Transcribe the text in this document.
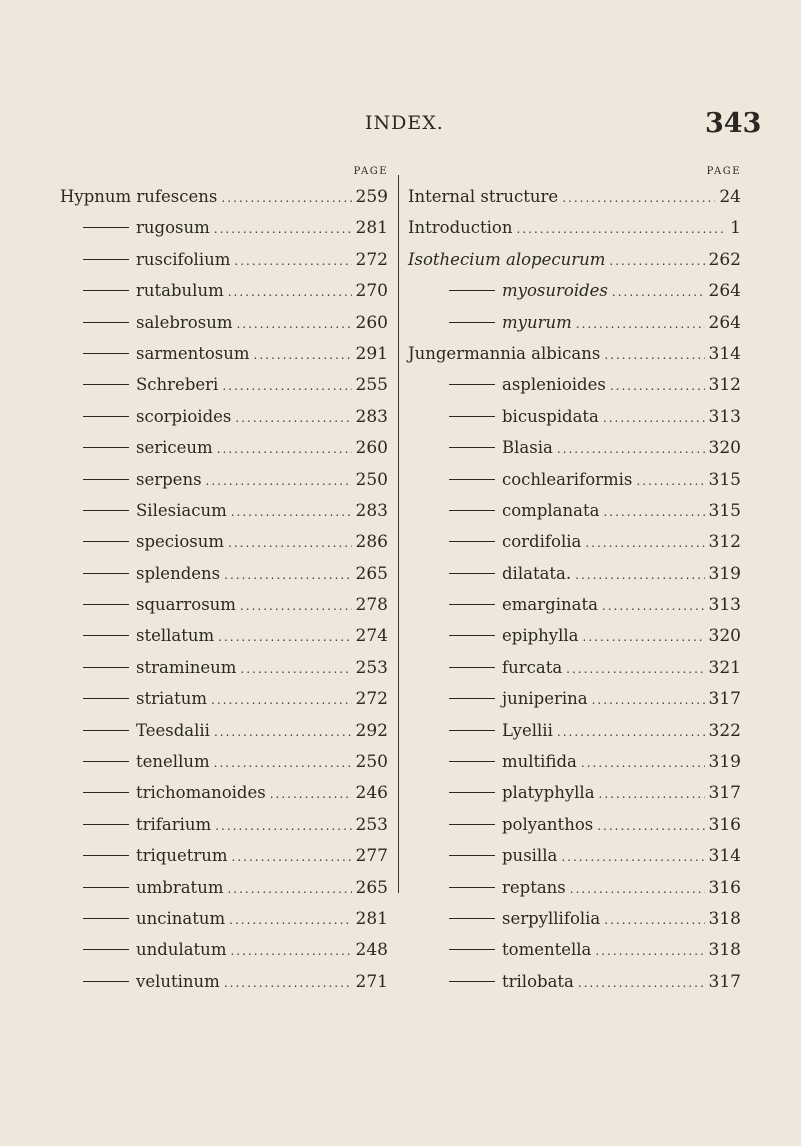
INDEX.	343
PAGE
Hypnum rufescens .....	259
rugosum .....	281
ruscifolium .....	272
rutabulum .....	270
salebrosum .....	260
sarmentosum .....	291
Schreberi .....	255
scorpioides .....	283
sericeum .....	260
serpens .....	250
Silesiacum .....	283
speciosum .....	286
splendens .....	265
squarrosum .....	278
stellatum .....	274
stramineum .....	253
striatum .....	272
Teesdalii .....	292
tenellum .....	250
trichomanoides .....	246
trifarium .....	253
triquetrum .....	277
umbratum .....	265
uncinatum .....	281
undulatum .....	248
velutinum .....	271
PAGE
Internal structure .....	24
Introduction .....	1
Isothecium alopecurum .....	262
myosuroides .....	264
myurum .....	264
Jungermannia albicans .....	314
asplenioides .....	312
bicuspidata .....	313
Blasia .....	320
cochleariformis .....	315
complanata .....	315
cordifolia .....	312
dilatata. .....	319
emarginata .....	313
epiphylla .....	320
furcata .....	321
juniperina .....	317
Lyellii .....	322
multifida .....	319
platyphylla .....	317
polyanthos .....	316
pusilla .....	314
reptans .....	316
serpyllifolia .....	318
tomentella .....	318
trilobata .....	317
